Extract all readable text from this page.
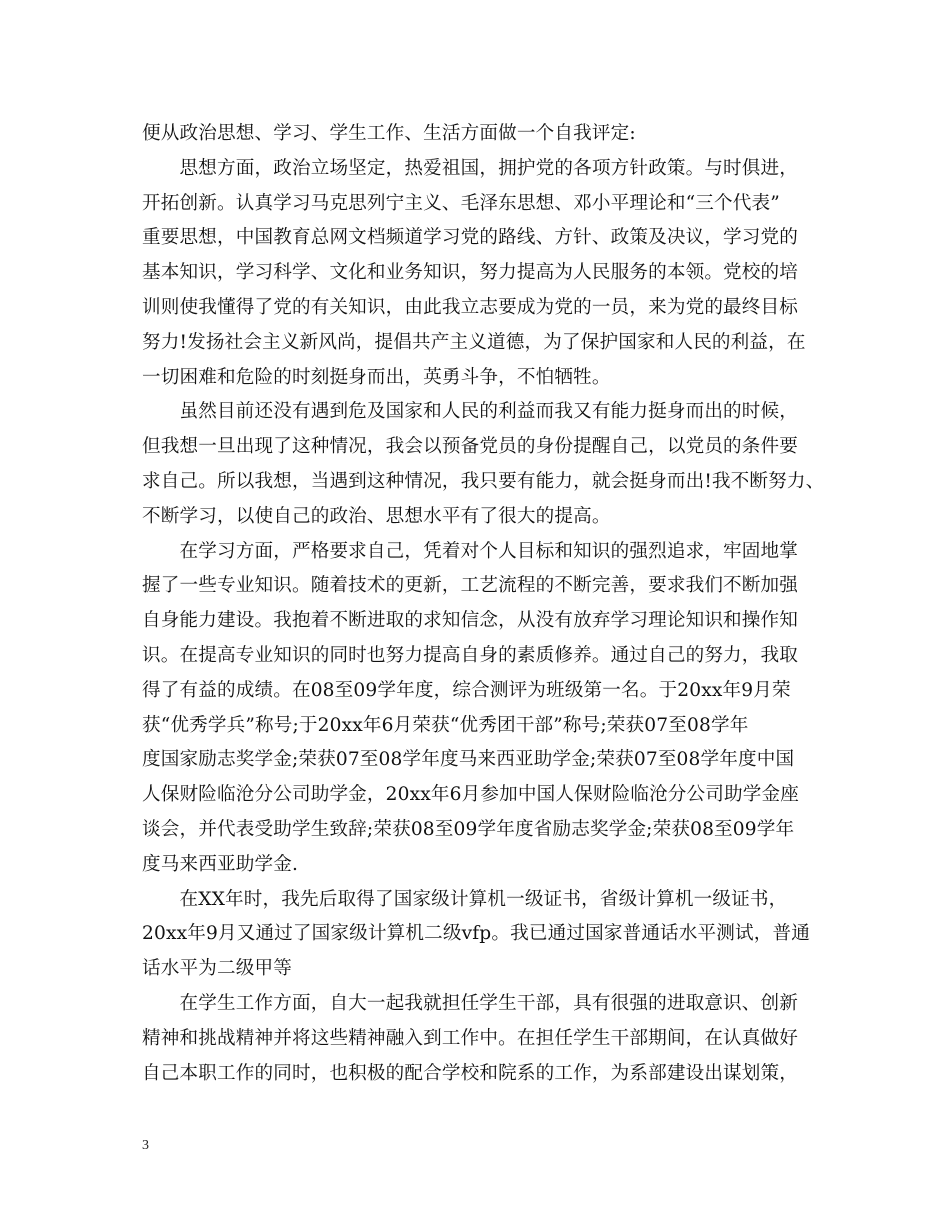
便从政治思想、学习、学生工作、生活方面做一个自我评定:
　　思想方面，政治立场坚定，热爱祖国，拥护党的各项方针政策。与时俱进，
开拓创新。认真学习马克思列宁主义、毛泽东思想、邓小平理论和“三个代表”
重要思想，中国教育总网文档频道学习党的路线、方针、政策及决议，学习党的
基本知识，学习科学、文化和业务知识，努力提高为人民服务的本领。党校的培
训则使我懂得了党的有关知识，由此我立志要成为党的一员，来为党的最终目标
努力!发扬社会主义新风尚，提倡共产主义道德，为了保护国家和人民的利益，在
一切困难和危险的时刻挺身而出，英勇斗争，不怕牺牲。
　　虽然目前还没有遇到危及国家和人民的利益而我又有能力挺身而出的时候，
但我想一旦出现了这种情况，我会以预备党员的身份提醒自己，以党员的条件要
求自己。所以我想，当遇到这种情况，我只要有能力，就会挺身而出!我不断努力、
不断学习，以使自己的政治、思想水平有了很大的提高。
　　在学习方面，严格要求自己，凭着对个人目标和知识的强烈追求，牢固地掌
握了一些专业知识。随着技术的更新，工艺流程的不断完善，要求我们不断加强
自身能力建设。我抱着不断进取的求知信念，从没有放弃学习理论知识和操作知
识。在提高专业知识的同时也努力提高自身的素质修养。通过自己的努力，我取
得了有益的成绩。在08至09学年度，综合测评为班级第一名。于20xx年9月荣
获“优秀学兵”称号;于20xx年6月荣获“优秀团干部”称号;荣获07至08学年
度国家励志奖学金;荣获07至08学年度马来西亚助学金;荣获07至08学年度中国
人保财险临沧分公司助学金，20xx年6月参加中国人保财险临沧分公司助学金座
谈会，并代表受助学生致辞;荣获08至09学年度省励志奖学金;荣获08至09学年
度马来西亚助学金.
　　在XX年时，我先后取得了国家级计算机一级证书，省级计算机一级证书，
20xx年9月又通过了国家级计算机二级vfp。我已通过国家普通话水平测试，普通
话水平为二级甲等
　　在学生工作方面，自大一起我就担任学生干部，具有很强的进取意识、创新
精神和挑战精神并将这些精神融入到工作中。在担任学生干部期间，在认真做好
自己本职工作的同时，也积极的配合学校和院系的工作，为系部建设出谋划策，
3
